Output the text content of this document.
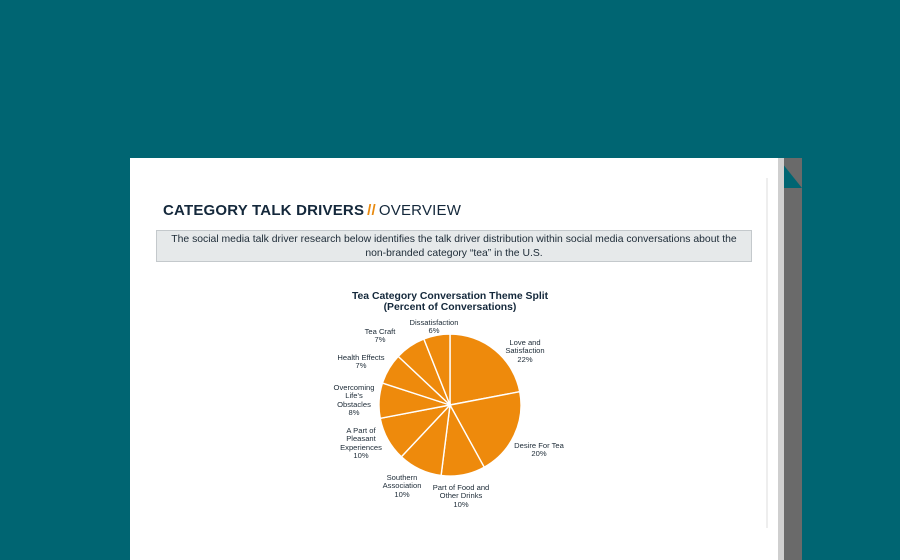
CATEGORY TALK DRIVERS // OVERVIEW
The social media talk driver research below identifies the talk driver distribution within social media conversations about the
non-branded category “tea” in the U.S.
Tea Category Conversation Theme Split
(Percent of Conversations)
Love and
Satisfaction
22%
Desire For Tea
20%
Part of Food and
Other Drinks
10%
Southern
Association
10%
A Part of
Pleasant
Experiences
10%
Overcoming
Life's
Obstacles
8%
Health Effects
7%
Tea Craft
7%
Dissatisfaction
6%
